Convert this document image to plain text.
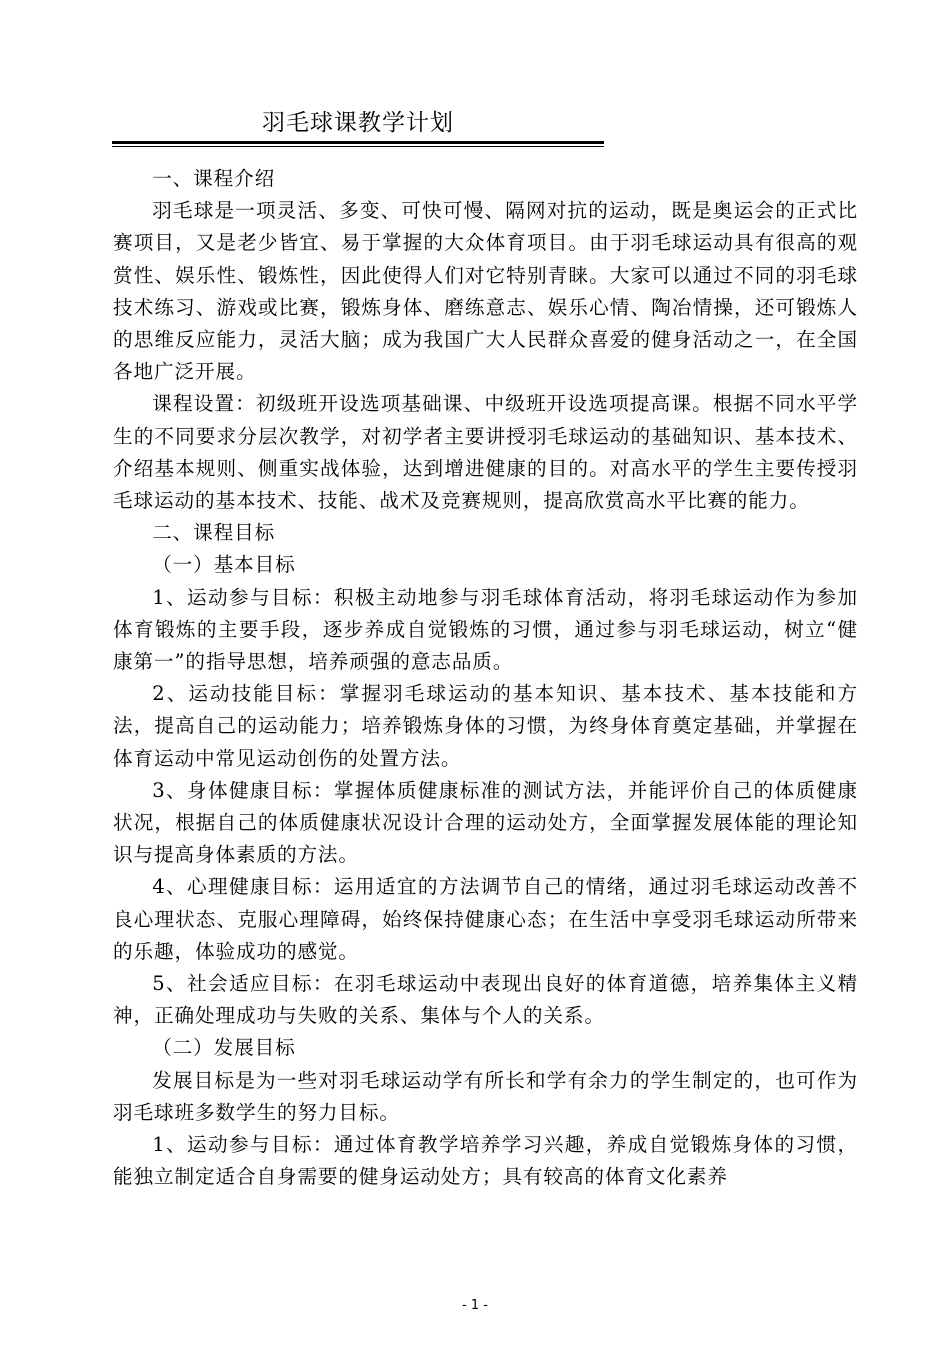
羽毛球课教学计划

一、课程介绍

羽毛球是一项灵活、多变、可快可慢、隔网对抗的运动，既是奥运会的正式比赛项目，又是老少皆宜、易于掌握的大众体育项目。由于羽毛球运动具有很高的观赏性、娱乐性、锻炼性，因此使得人们对它特别青睐。大家可以通过不同的羽毛球技术练习、游戏或比赛，锻炼身体、磨练意志、娱乐心情、陶冶情操，还可锻炼人的思维反应能力，灵活大脑；成为我国广大人民群众喜爱的健身活动之一，在全国各地广泛开展。

课程设置：初级班开设选项基础课、中级班开设选项提高课。根据不同水平学生的不同要求分层次教学，对初学者主要讲授羽毛球运动的基础知识、基本技术、介绍基本规则、侧重实战体验，达到增进健康的目的。对高水平的学生主要传授羽毛球运动的基本技术、技能、战术及竞赛规则，提高欣赏高水平比赛的能力。

二、课程目标

（一）基本目标

1、运动参与目标：积极主动地参与羽毛球体育活动，将羽毛球运动作为参加体育锻炼的主要手段，逐步养成自觉锻炼的习惯，通过参与羽毛球运动，树立“健康第一”的指导思想，培养顽强的意志品质。

2、运动技能目标：掌握羽毛球运动的基本知识、基本技术、基本技能和方法，提高自己的运动能力；培养锻炼身体的习惯，为终身体育奠定基础，并掌握在体育运动中常见运动创伤的处置方法。

3、身体健康目标：掌握体质健康标准的测试方法，并能评价自己的体质健康状况，根据自己的体质健康状况设计合理的运动处方，全面掌握发展体能的理论知识与提高身体素质的方法。

4、心理健康目标：运用适宜的方法调节自己的情绪，通过羽毛球运动改善不良心理状态、克服心理障碍，始终保持健康心态；在生活中享受羽毛球运动所带来的乐趣，体验成功的感觉。

5、社会适应目标：在羽毛球运动中表现出良好的体育道德，培养集体主义精神，正确处理成功与失败的关系、集体与个人的关系。

（二）发展目标

发展目标是为一些对羽毛球运动学有所长和学有余力的学生制定的，也可作为羽毛球班多数学生的努力目标。

1、运动参与目标：通过体育教学培养学习兴趣，养成自觉锻炼身体的习惯，能独立制定适合自身需要的健身运动处方；具有较高的体育文化素养

- 1 -
